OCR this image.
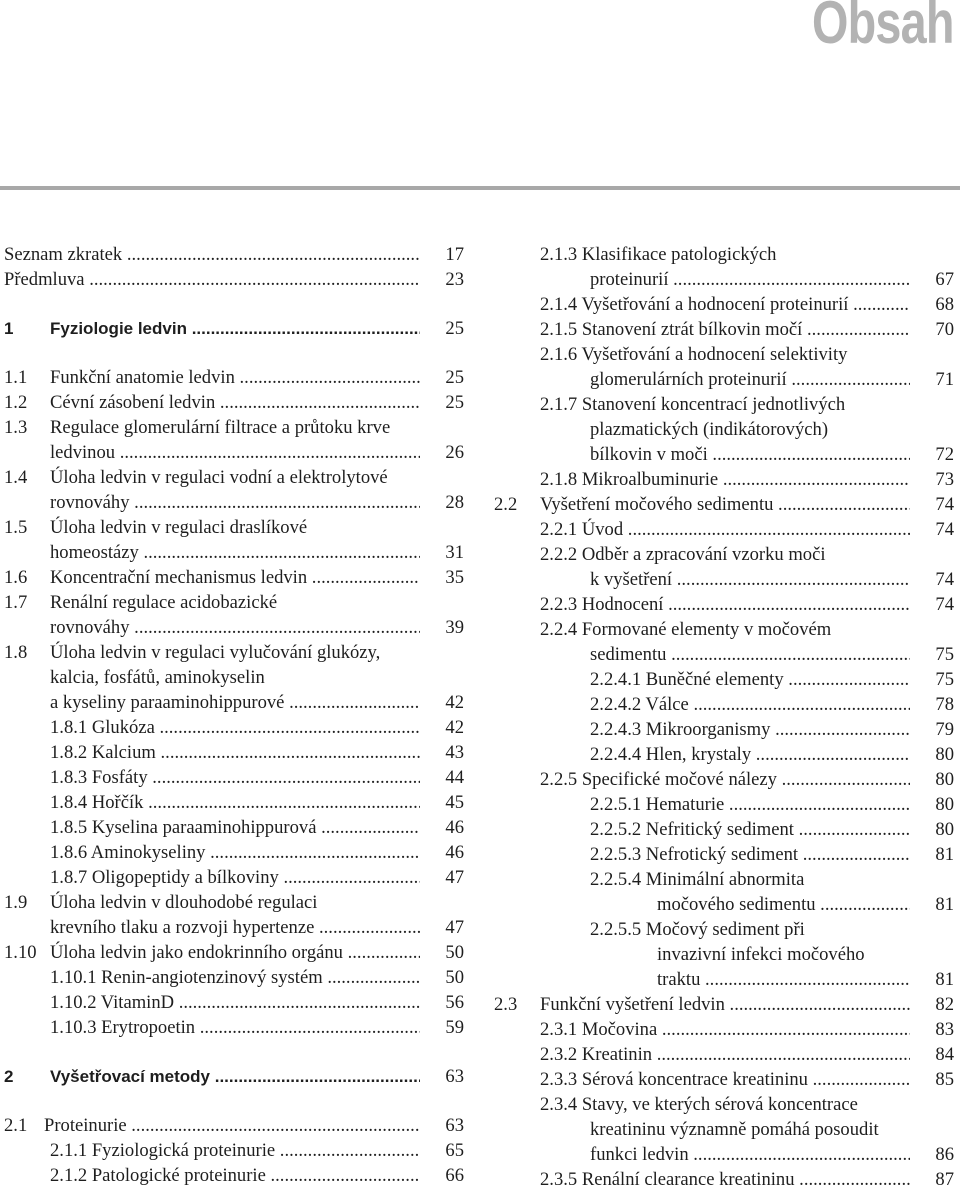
Obsah
Seznam zkratek .....	17
Předmluva .....	23
1 Fyziologie ledvin .....	25
1.1 Funkční anatomie ledvin .....	25
1.2 Cévní zásobení ledvin .....	25
1.3 Regulace glomerulární filtrace a průtoku krve
ledvinou .....	26
1.4 Úloha ledvin v regulaci vodní a elektrolytové
rovnováhy .....	28
1.5 Úloha ledvin v regulaci draslíkové
homeostázy .....	31
1.6 Koncentrační mechanismus ledvin .....	35
1.7 Renální regulace acidobazické
rovnováhy .....	39
1.8 Úloha ledvin v regulaci vylučování glukózy,
kalcia, fosfátů, aminokyselin
a kyseliny paraaminohippurové .....	42
1.8.1 Glukóza .....	42
1.8.2 Kalcium .....	43
1.8.3 Fosfáty .....	44
1.8.4 Hořčík .....	45
1.8.5 Kyselina paraaminohippurová .....	46
1.8.6 Aminokyseliny .....	46
1.8.7 Oligopeptidy a bílkoviny .....	47
1.9 Úloha ledvin v dlouhodobé regulaci
krevního tlaku a rozvoji hypertenze .....	47
1.10 Úloha ledvin jako endokrinního orgánu .....	50
1.10.1 Renin-angiotenzinový systém .....	50
1.10.2 VitaminD .....	56
1.10.3 Erytropoetin .....	59
2 Vyšetřovací metody .....	63
2.1 Proteinurie .....	63
2.1.1 Fyziologická proteinurie .....	65
2.1.2 Patologické proteinurie .....	66
2.1.3 Klasifikace patologických
proteinurií .....	67
2.1.4 Vyšetřování a hodnocení proteinurií .....	68
2.1.5 Stanovení ztrát bílkovin močí .....	70
2.1.6 Vyšetřování a hodnocení selektivity
glomerulárních proteinurií .....	71
2.1.7 Stanovení koncentrací jednotlivých
plazmatických (indikátorových)
bílkovin v moči .....	72
2.1.8 Mikroalbuminurie .....	73
2.2 Vyšetření močového sedimentu .....	74
2.2.1 Úvod .....	74
2.2.2 Odběr a zpracování vzorku moči
k vyšetření .....	74
2.2.3 Hodnocení .....	74
2.2.4 Formované elementy v močovém
sedimentu .....	75
2.2.4.1 Buněčné elementy .....	75
2.2.4.2 Válce .....	78
2.2.4.3 Mikroorganismy .....	79
2.2.4.4 Hlen, krystaly .....	80
2.2.5 Specifické močové nálezy .....	80
2.2.5.1 Hematurie .....	80
2.2.5.2 Nefritický sediment .....	80
2.2.5.3 Nefrotický sediment .....	81
2.2.5.4 Minimální abnormita
močového sedimentu .....	81
2.2.5.5 Močový sediment při
invazivní infekci močového
traktu .....	81
2.3 Funkční vyšetření ledvin .....	82
2.3.1 Močovina .....	83
2.3.2 Kreatinin .....	84
2.3.3 Sérová koncentrace kreatininu .....	85
2.3.4 Stavy, ve kterých sérová koncentrace
kreatininu významně pomáhá posoudit
funkci ledvin .....	86
2.3.5 Renální clearance kreatininu .....	87
